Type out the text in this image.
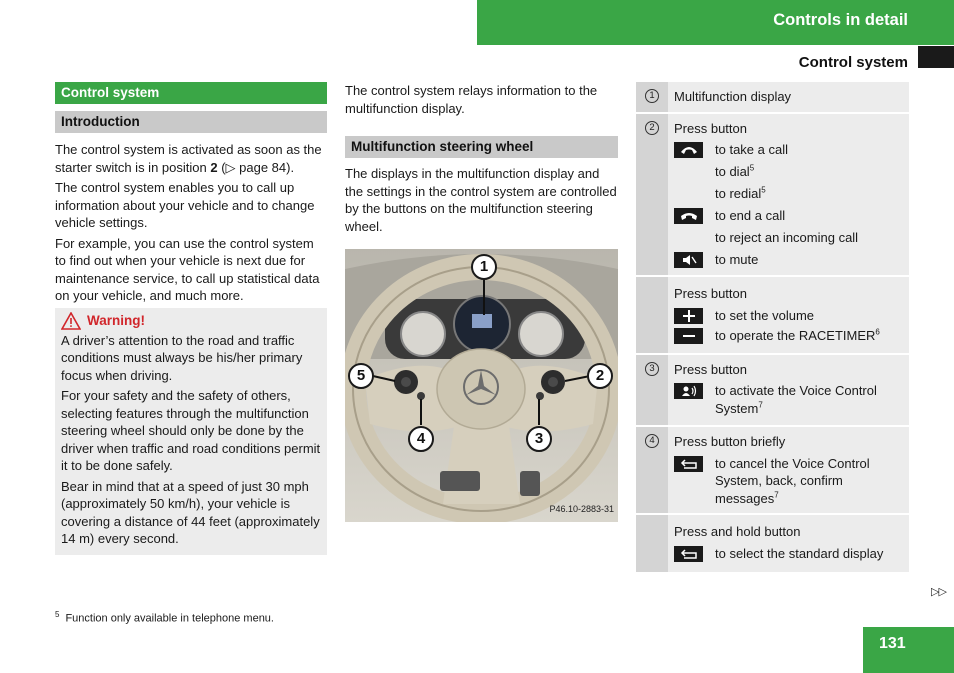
Controls in detail
Control system
Control system
Introduction

The control system is activated as soon as the starter switch is in position 2 (▷ page 84).

The control system enables you to call up information about your vehicle and to change vehicle settings.

For example, you can use the control system to find out when your vehicle is next due for maintenance service, to call up statistical data on your vehicle, and much more.

Warning!

A driver’s attention to the road and traffic conditions must always be his/her primary focus when driving.

For your safety and the safety of others, selecting features through the multifunction steering wheel should only be done by the driver when traffic and road conditions permit it to be done safely.

Bear in mind that at a speed of just 30 mph (approximately 50 km/h), your vehicle is covering a distance of 44 feet (approximately 14 m) every second.

The control system relays information to the multifunction display.

Multifunction steering wheel

The displays in the multifunction display and the settings in the control system are controlled by the buttons on the multifunction steering wheel.

1
2
3
4
5
P46.10-2883-31
1	Multifunction display
2	Press button
to take a call
to dial$^5$
to redial$^5$
to end a call
to reject an incoming call
to mute
Press button
to set the volume
to operate the RACETIMER$^6$
3	Press button
to activate the Voice Control System$^7$
4	Press button briefly
to cancel the Voice Control System, back, confirm messages$^7$
Press and hold button
to select the standard display
$^5$ Function only available in telephone menu.
▷▷
131
